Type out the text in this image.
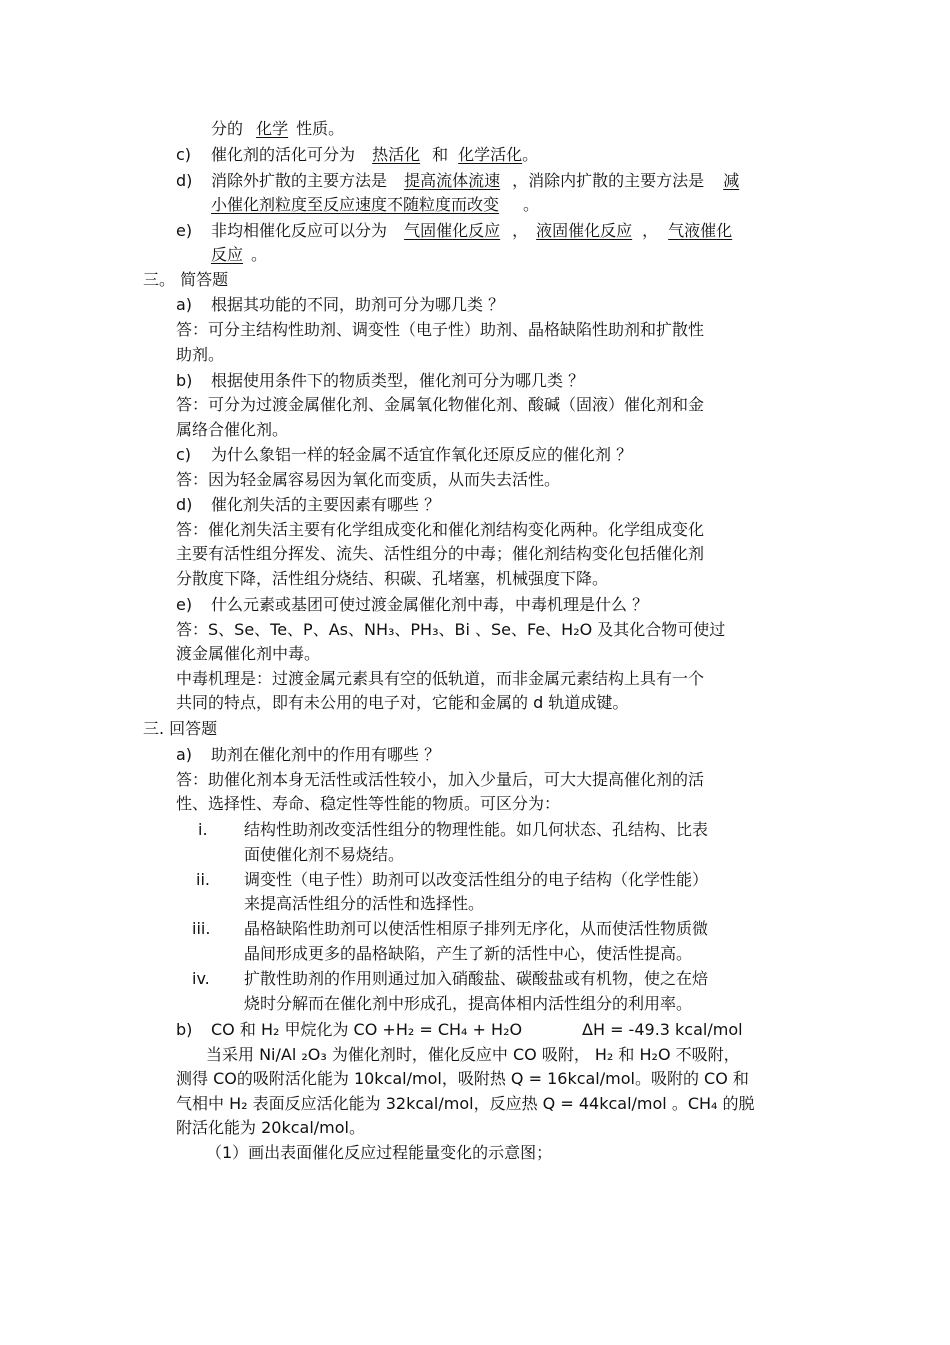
分的 化学 性质。
c) 催化剂的活化可分为 热活化 和 化学活化。
d) 消除外扩散的主要方法是 提高流体流速 ，消除内扩散的主要方法是 减
小催化剂粒度至反应速度不随粒度而改变 。
e) 非均相催化反应可以分为 气固催化反应 ， 液固催化反应 ， 气液催化
反应 。
三。 简答题
a) 根据其功能的不同，助剂可分为哪几类 ？
答：可分主结构性助剂、调变性（电子性）助剂、晶格缺陷性助剂和扩散性
助剂。
b) 根据使用条件下的物质类型，催化剂可分为哪几类 ？
答：可分为过渡金属催化剂、金属氧化物催化剂、酸碱（固液）催化剂和金
属络合催化剂。
c) 为什么象铝一样的轻金属不适宜作氧化还原反应的催化剂 ？
答：因为轻金属容易因为氧化而变质，从而失去活性。
d) 催化剂失活的主要因素有哪些 ？
答：催化剂失活主要有化学组成变化和催化剂结构变化两种。化学组成变化
主要有活性组分挥发、流失、活性组分的中毒；催化剂结构变化包括催化剂
分散度下降，活性组分烧结、积碳、孔堵塞，机械强度下降。
e) 什么元素或基团可使过渡金属催化剂中毒，中毒机理是什么 ？
答：S、Se、Te、P、As、NH₃、PH₃、Bi 、Se、Fe、H₂O 及其化合物可使过
渡金属催化剂中毒。
中毒机理是：过渡金属元素具有空的低轨道，而非金属元素结构上具有一个
共同的特点，即有未公用的电子对，它能和金属的 d 轨道成键。
三. 回答题
a) 助剂在催化剂中的作用有哪些 ？
答：助催化剂本身无活性或活性较小，加入少量后，可大大提高催化剂的活
性、选择性、寿命、稳定性等性能的物质。可区分为：
i. 结构性助剂改变活性组分的物理性能。如几何状态、孔结构、比表
面使催化剂不易烧结。
ii. 调变性（电子性）助剂可以改变活性组分的电子结构（化学性能）
来提高活性组分的活性和选择性。
iii. 晶格缺陷性助剂可以使活性相原子排列无序化，从而使活性物质微
晶间形成更多的晶格缺陷，产生了新的活性中心，使活性提高。
iv. 扩散性助剂的作用则通过加入硝酸盐、碳酸盐或有机物，使之在焙
烧时分解而在催化剂中形成孔，提高体相内活性组分的利用率。
b) CO 和 H₂ 甲烷化为 CO +H₂ = CH₄ + H₂O	ΔH = -49.3 kcal/mol
当采用 Ni/Al ₂O₃ 为催化剂时，催化反应中 CO 吸附， H₂ 和 H₂O 不吸附，
测得 CO的吸附活化能为 10kcal/mol，吸附热 Q = 16kcal/mol。吸附的 CO 和
气相中 H₂ 表面反应活化能为 32kcal/mol，反应热 Q = 44kcal/mol 。CH₄ 的脱
附活化能为 20kcal/mol。
（1）画出表面催化反应过程能量变化的示意图；
